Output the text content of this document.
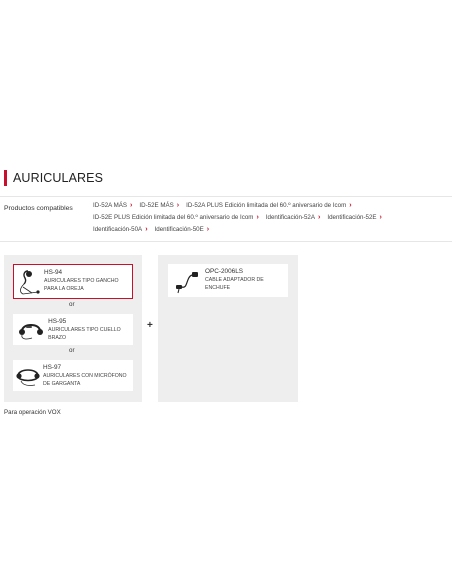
AURICULARES
Productos compatibles	ID-52A MÁS › ID-52E MÁS › ID-52A PLUS Edición limitada del 60.º aniversario de Icom ›
ID-52E PLUS Edición limitada del 60.º aniversario de Icom › Identificación-52A › Identificación-52E ›
Identificación-50A › Identificación-50E ›
HS-94
AURICULARES TIPO GANCHO PARA LA OREJA
or
HS-95
AURICULARES TIPO CUELLO BRAZO
or
HS-97
AURICULARES CON MICRÓFONO DE GARGANTA
+
OPC-2006LS
CABLE ADAPTADOR DE ENCHUFE
Para operación VOX
